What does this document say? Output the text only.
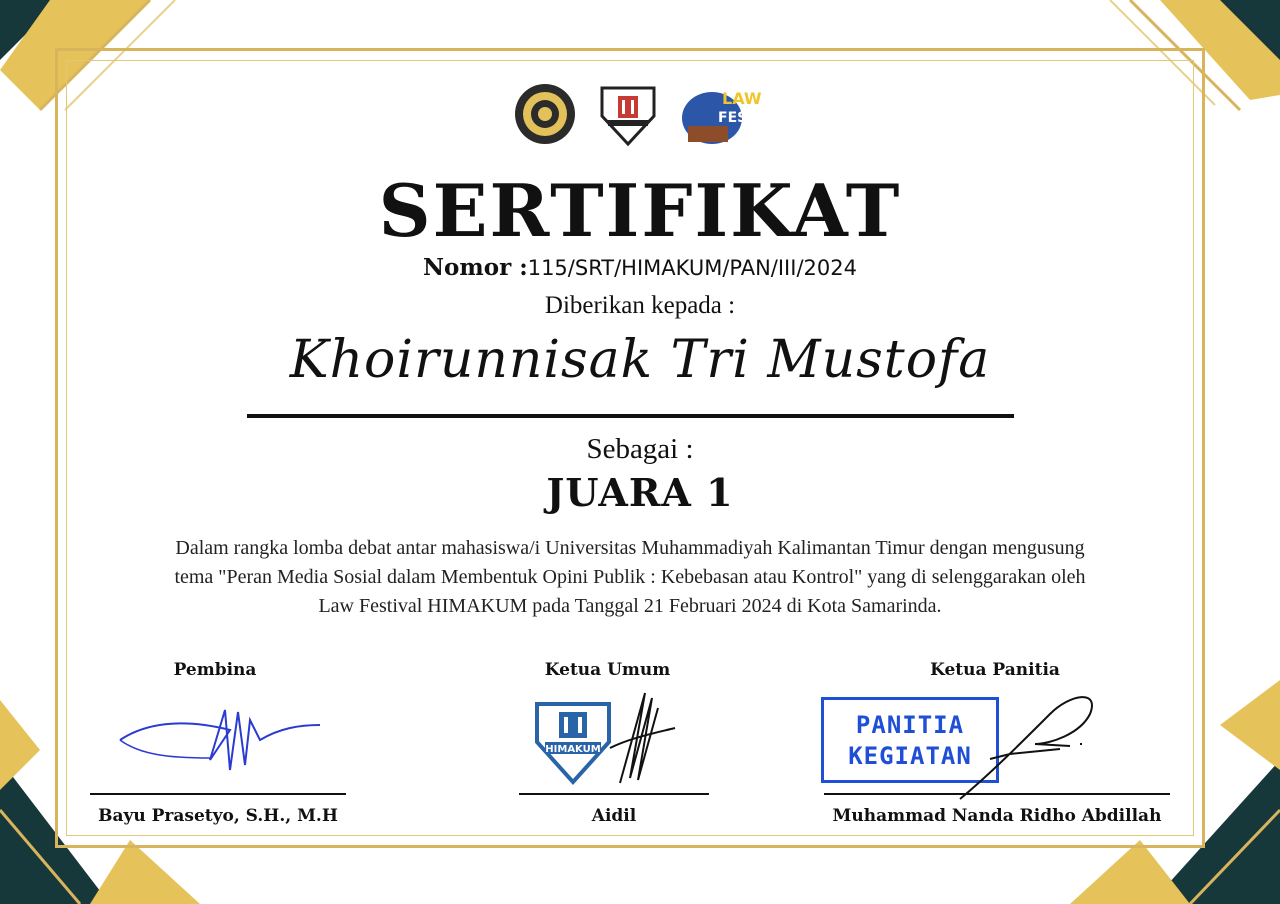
LAW
FEST
SERTIFIKAT
Nomor :115/SRT/HIMAKUM/PAN/III/2024
Diberikan kepada :
Khoirunnisak Tri Mustofa
Sebagai :
JUARA 1
Dalam rangka lomba debat antar mahasiswa/i Universitas Muhammadiyah Kalimantan Timur dengan mengusung
tema "Peran Media Sosial dalam Membentuk Opini Publik : Kebebasan atau Kontrol" yang di selenggarakan oleh
Law Festival HIMAKUM pada Tanggal 21 Februari 2024 di Kota Samarinda.
Pembina
Bayu Prasetyo, S.H., M.H
Ketua Umum
HIMAKUM
Aidil
Ketua Panitia
PANITIA
KEGIATAN
Muhammad Nanda Ridho Abdillah
